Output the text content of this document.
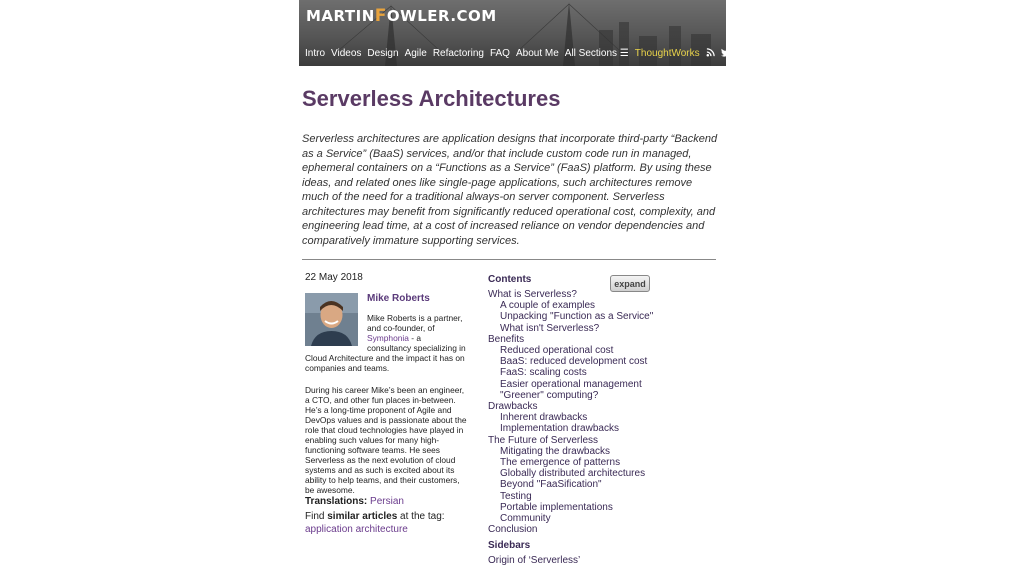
MARTINFOWLER.COM
Intro Videos Design Agile Refactoring FAQ About Me All Sections ☰ ThoughtWorks
Serverless Architectures

Serverless architectures are application designs that incorporate third-party “Backend as a Service” (BaaS) services, and/or that include custom code run in managed, ephemeral containers on a “Functions as a Service” (FaaS) platform. By using these ideas, and related ones like single-page applications, such architectures remove much of the need for a traditional always-on server component. Serverless architectures may benefit from significantly reduced operational cost, complexity, and engineering lead time, at a cost of increased reliance on vendor dependencies and comparatively immature supporting services.

22 May 2018
Mike Roberts
Mike Roberts is a partner, and co-founder, of Symphonia - a consultancy specializing in Cloud Architecture and the impact it has on companies and teams.
During his career Mike’s been an engineer, a CTO, and other fun places in-between. He’s a long-time proponent of Agile and DevOps values and is passionate about the role that cloud technologies have played in enabling such values for many high-functioning software teams. He sees Serverless as the next evolution of cloud systems and as such is excited about its ability to help teams, and their customers, be awesome.
Translations: Persian
Find similar articles at the tag:
application architecture
expand
Contents
What is Serverless?
A couple of examples
Unpacking "Function as a Service"
What isn't Serverless?
Benefits
Reduced operational cost
BaaS: reduced development cost
FaaS: scaling costs
Easier operational management
"Greener" computing?
Drawbacks
Inherent drawbacks
Implementation drawbacks
The Future of Serverless
Mitigating the drawbacks
The emergence of patterns
Globally distributed architectures
Beyond "FaaSification"
Testing
Portable implementations
Community
Conclusion
Sidebars
Origin of ‘Serverless’
